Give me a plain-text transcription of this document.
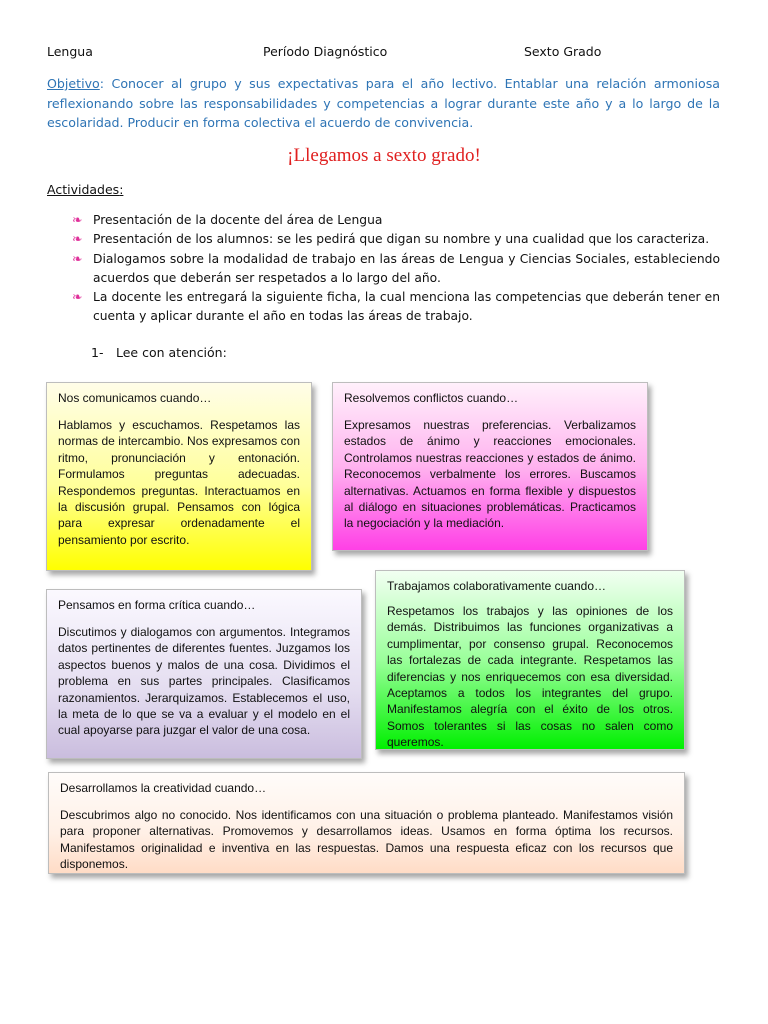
Lengua	Período Diagnóstico	Sexto Grado
Objetivo: Conocer al grupo y sus expectativas para el año lectivo. Entablar una relación armoniosa reflexionando sobre las responsabilidades y competencias a lograr durante este año y a lo largo de la escolaridad. Producir en forma colectiva el acuerdo de convivencia.
¡Llegamos a sexto grado!
Actividades:
❧ Presentación de la docente del área de Lengua
❧ Presentación de los alumnos: se les pedirá que digan su nombre y una cualidad que los caracteriza.
❧ Dialogamos sobre la modalidad de trabajo en las áreas de Lengua y Ciencias Sociales, estableciendo acuerdos que deberán ser respetados a lo largo del año.
❧ La docente les entregará la siguiente ficha, la cual menciona las competencias que deberán tener en cuenta y aplicar durante el año en todas las áreas de trabajo.
1- Lee con atención:
Nos comunicamos cuando…
Hablamos y escuchamos. Respetamos las normas de intercambio. Nos expresamos con ritmo, pronunciación y entonación. Formulamos preguntas adecuadas. Respondemos preguntas. Interactuamos en la discusión grupal. Pensamos con lógica para expresar ordenadamente el pensamiento por escrito.
Resolvemos conflictos cuando…
Expresamos nuestras preferencias. Verbalizamos estados de ánimo y reacciones emocionales. Controlamos nuestras reacciones y estados de ánimo. Reconocemos verbalmente los errores. Buscamos alternativas. Actuamos en forma flexible y dispuestos al diálogo en situaciones problemáticas. Practicamos la negociación y la mediación.
Pensamos en forma crítica cuando…
Discutimos y dialogamos con argumentos. Integramos datos pertinentes de diferentes fuentes. Juzgamos los aspectos buenos y malos de una cosa. Dividimos el problema en sus partes principales. Clasificamos razonamientos. Jerarquizamos. Establecemos el uso, la meta de lo que se va a evaluar y el modelo en el cual apoyarse para juzgar el valor de una cosa.
Trabajamos colaborativamente cuando…
Respetamos los trabajos y las opiniones de los demás. Distribuimos las funciones organizativas a cumplimentar, por consenso grupal. Reconocemos las fortalezas de cada integrante. Respetamos las diferencias y nos enriquecemos con esa diversidad. Aceptamos a todos los integrantes del grupo. Manifestamos alegría con el éxito de los otros. Somos tolerantes si las cosas no salen como queremos.
Desarrollamos la creatividad cuando…
Descubrimos algo no conocido. Nos identificamos con una situación o problema planteado. Manifestamos visión para proponer alternativas. Promovemos y desarrollamos ideas. Usamos en forma óptima los recursos. Manifestamos originalidad e inventiva en las respuestas. Damos una respuesta eficaz con los recursos que disponemos.
